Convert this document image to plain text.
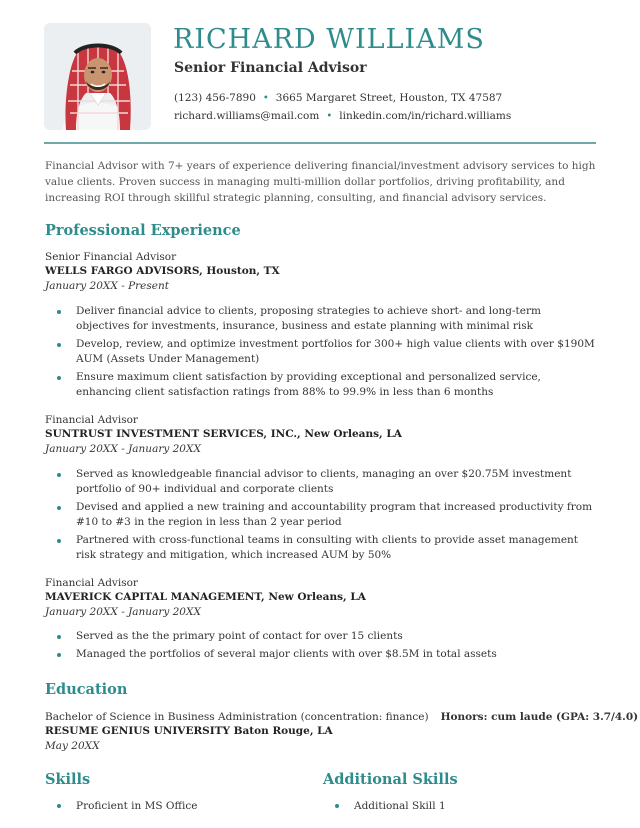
RICHARD WILLIAMS
Senior Financial Advisor
(123) 456-7890 • 3665 Margaret Street, Houston, TX 47587
richard.williams@mail.com • linkedin.com/in/richard.williams
Financial Advisor with 7+ years of experience delivering financial/investment advisory services to high value clients. Proven success in managing multi-million dollar portfolios, driving profitability, and increasing ROI through skillful strategic planning, consulting, and financial advisory services.
Professional Experience
Senior Financial Advisor
WELLS FARGO ADVISORS, Houston, TX
January 20XX - Present
Deliver financial advice to clients, proposing strategies to achieve short- and long-term objectives for investments, insurance, business and estate planning with minimal risk
Develop, review, and optimize investment portfolios for 300+ high value clients with over $190M AUM (Assets Under Management)
Ensure maximum client satisfaction by providing exceptional and personalized service, enhancing client satisfaction ratings from 88% to 99.9% in less than 6 months
Financial Advisor
SUNTRUST INVESTMENT SERVICES, INC., New Orleans, LA
January 20XX - January 20XX
Served as knowledgeable financial advisor to clients, managing an over $20.75M investment portfolio of 90+ individual and corporate clients
Devised and applied a new training and accountability program that increased productivity from #10 to #3 in the region in less than 2 year period
Partnered with cross-functional teams in consulting with clients to provide asset management risk strategy and mitigation, which increased AUM by 50%
Financial Advisor
MAVERICK CAPITAL MANAGEMENT, New Orleans, LA
January 20XX - January 20XX
Served as the the primary point of contact for over 15 clients
Managed the portfolios of several major clients with over $8.5M in total assets
Education
Bachelor of Science in Business Administration (concentration: finance) Honors: cum laude (GPA: 3.7/4.0)
RESUME GENIUS UNIVERSITY Baton Rouge, LA
May 20XX
Skills
Proficient in MS Office
Additional Skills
Additional Skill 1
